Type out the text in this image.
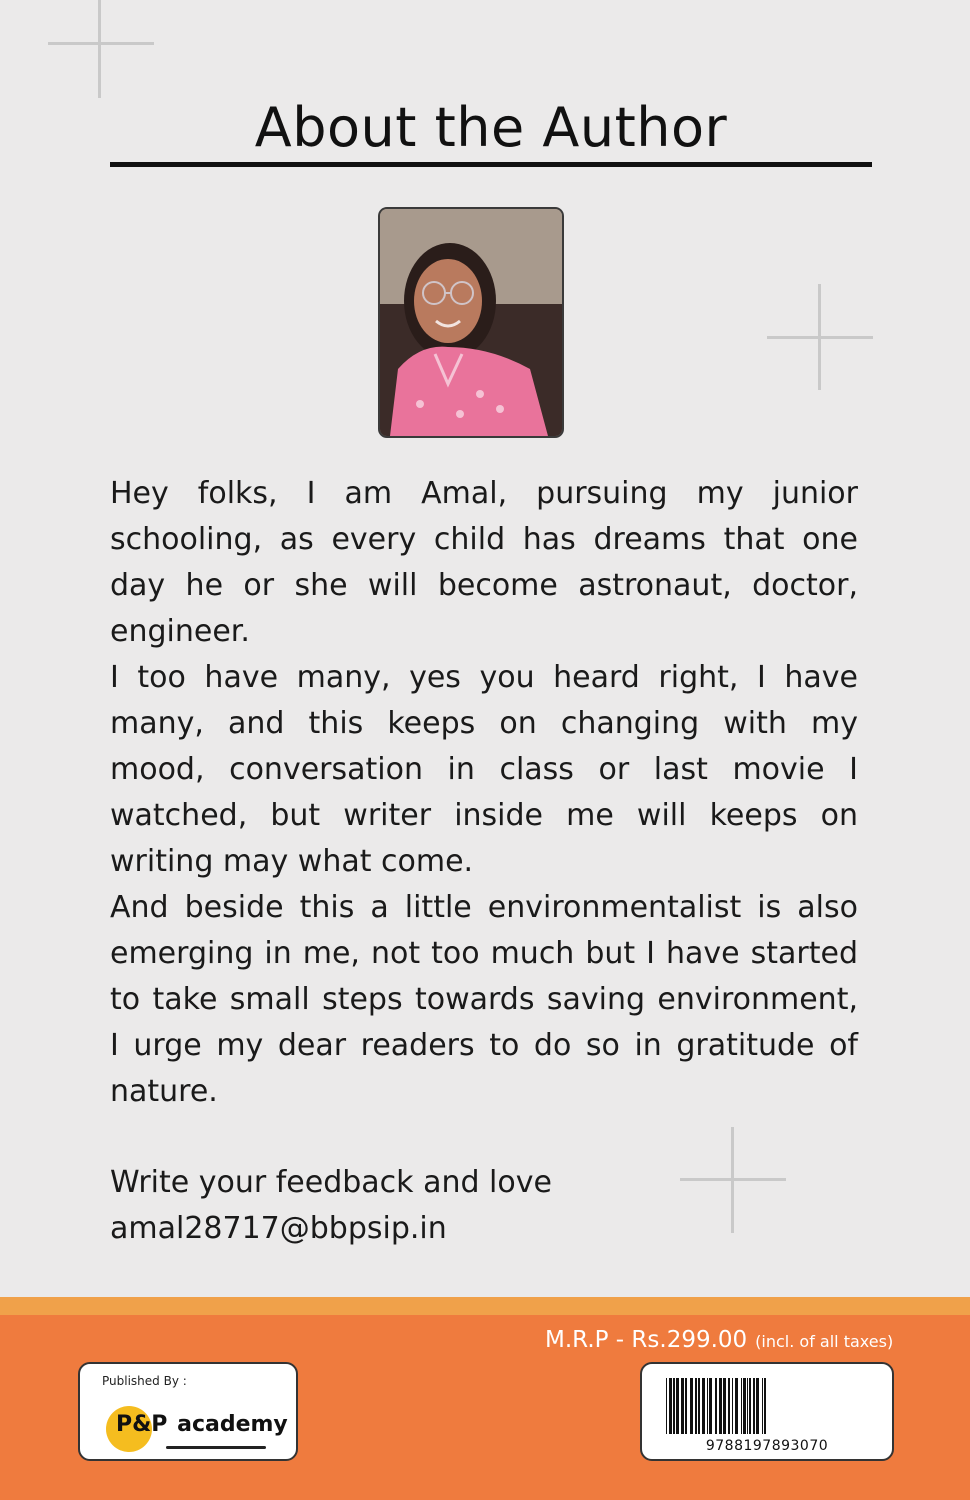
About the Author

Hey folks, I am Amal, pursuing my junior schooling, as every child has dreams that one day he or she will become astronaut, doctor, engineer.

I too have many, yes you heard right, I have many, and this keeps on changing with my mood, conversation in class or last movie I watched, but writer inside me will keeps on writing may what come.

And beside this a little environmentalist is also emerging in me, not too much but I have started to take small steps towards saving environment, I urge my dear readers to do so in gratitude of nature.

Write your feedback and love
amal28717@bbpsip.in
M.R.P - Rs.299.00 (incl. of all taxes)
Published By :
P&P academy
9788197893070
